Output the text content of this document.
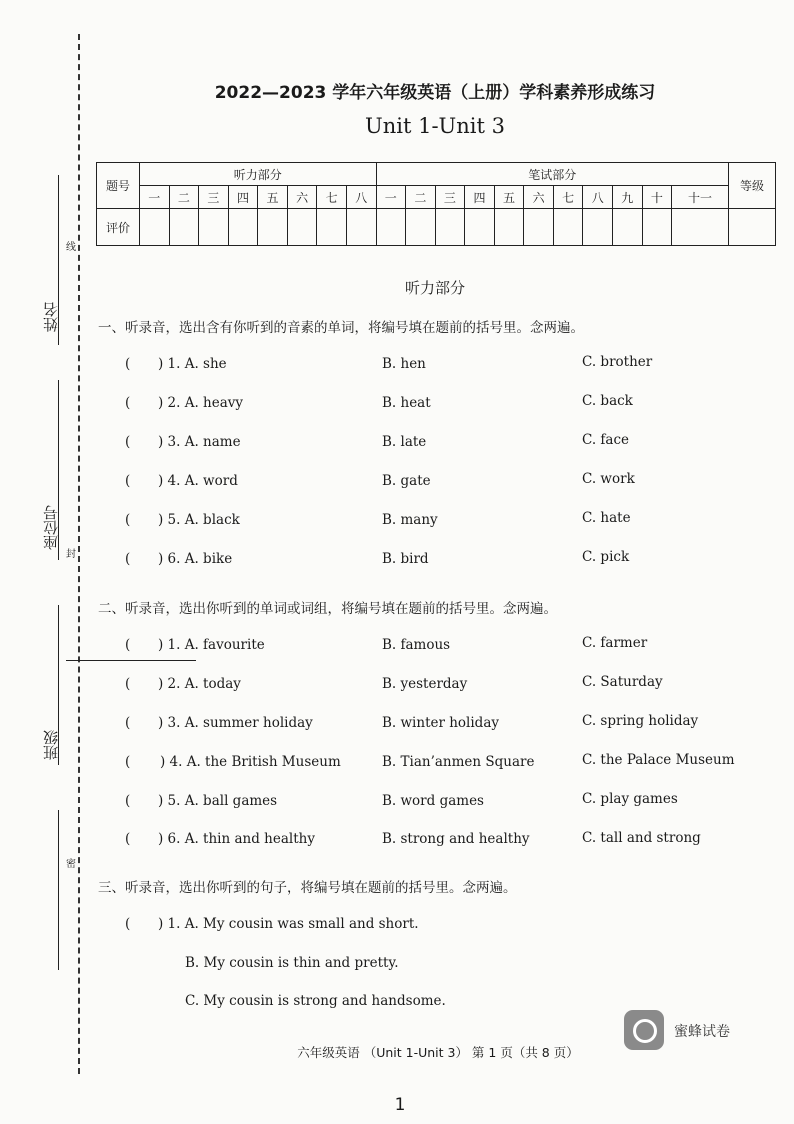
姓名
座位号
班级
线
封
密
2022—2023 学年六年级英语（上册）学科素养形成练习
Unit 1-Unit 3
题号	听力部分								笔试部分											等级
	一	二	三	四	五	六	七	八	一	二	三	四	五	六	七	八	九	十	十一	
评价																				
听力部分
一、听录音，选出含有你听到的音素的单词，将编号填在题前的括号里。念两遍。
( ) 1. A. she	B. hen	C. brother
( ) 2. A. heavy	B. heat	C. back
( ) 3. A. name	B. late	C. face
( ) 4. A. word	B. gate	C. work
( ) 5. A. black	B. many	C. hate
( ) 6. A. bike	B. bird	C. pick
二、听录音，选出你听到的单词或词组，将编号填在题前的括号里。念两遍。
( ) 1. A. favourite	B. famous	C. farmer
( ) 2. A. today	B. yesterday	C. Saturday
( ) 3. A. summer holiday	B. winter holiday	C. spring holiday
( ) 4. A. the British Museum	B. Tian’anmen Square	C. the Palace Museum
( ) 5. A. ball games	B. word games	C. play games
( ) 6. A. thin and healthy	B. strong and healthy	C. tall and strong
三、听录音，选出你听到的句子，将编号填在题前的括号里。念两遍。
( ) 1. A. My cousin was small and short.
B. My cousin is thin and pretty.
C. My cousin is strong and handsome.
蜜蜂试卷
六年级英语 （Unit 1-Unit 3） 第 1 页（共 8 页）
1
